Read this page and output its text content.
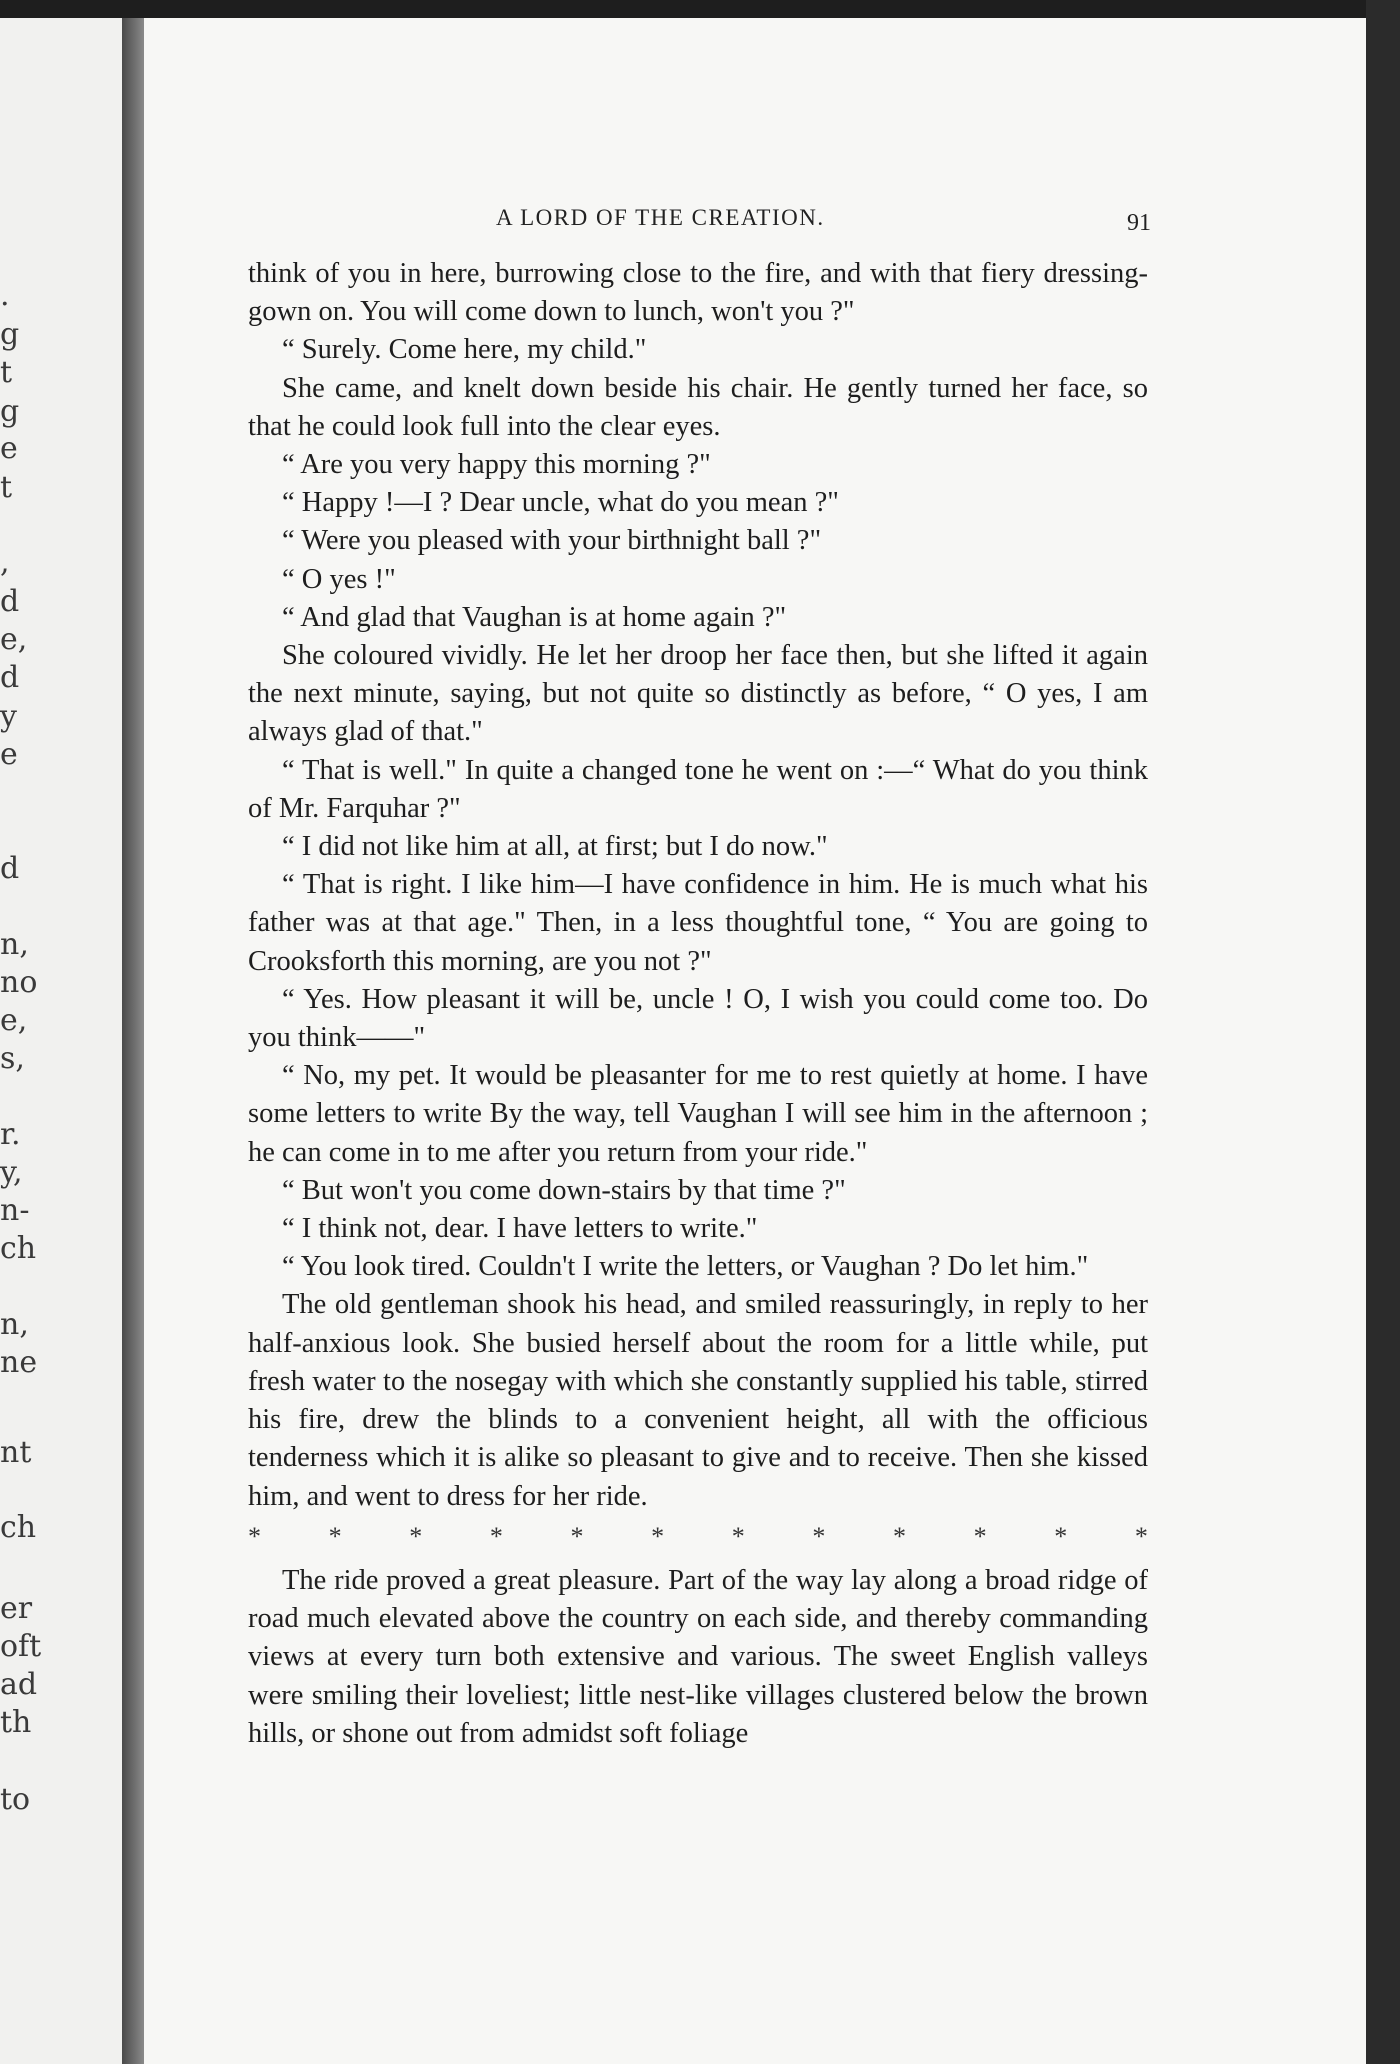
.
g
t
g
e
t
,
d
e,
d
y
e
d
n,
no
e,
s,
r.
y,
n-
ch
n,
ne
nt
ch
er
oft
ad
th
to
A LORD OF THE CREATION.	91

think of you in here, burrowing close to the fire, and with that fiery dressing-gown on. You will come down to lunch, won't you ?"

“ Surely. Come here, my child."

She came, and knelt down beside his chair. He gently turned her face, so that he could look full into the clear eyes.

“ Are you very happy this morning ?"

“ Happy !—I ? Dear uncle, what do you mean ?"

“ Were you pleased with your birthnight ball ?"

“ O yes !"

“ And glad that Vaughan is at home again ?"

She coloured vividly. He let her droop her face then, but she lifted it again the next minute, saying, but not quite so distinctly as before, “ O yes, I am always glad of that."

“ That is well." In quite a changed tone he went on :—“ What do you think of Mr. Farquhar ?"

“ I did not like him at all, at first; but I do now."

“ That is right. I like him—I have confidence in him. He is much what his father was at that age." Then, in a less thoughtful tone, “ You are going to Crooksforth this morning, are you not ?"

“ Yes. How pleasant it will be, uncle ! O, I wish you could come too. Do you think——"

“ No, my pet. It would be pleasanter for me to rest quietly at home. I have some letters to write By the way, tell Vaughan I will see him in the afternoon ; he can come in to me after you return from your ride."

“ But won't you come down-stairs by that time ?"

“ I think not, dear. I have letters to write."

“ You look tired. Couldn't I write the letters, or Vaughan ? Do let him."

The old gentleman shook his head, and smiled reassuringly, in reply to her half-anxious look. She busied herself about the room for a little while, put fresh water to the nosegay with which she constantly supplied his table, stirred his fire, drew the blinds to a convenient height, all with the officious tenderness which it is alike so pleasant to give and to receive. Then she kissed him, and went to dress for her ride.

*	*	*	*	*	*	*	*	*	*	*	*

The ride proved a great pleasure. Part of the way lay along a broad ridge of road much elevated above the country on each side, and thereby commanding views at every turn both extensive and various. The sweet English valleys were smiling their loveliest; little nest-like villages clustered below the brown hills, or shone out from admidst soft foliage
